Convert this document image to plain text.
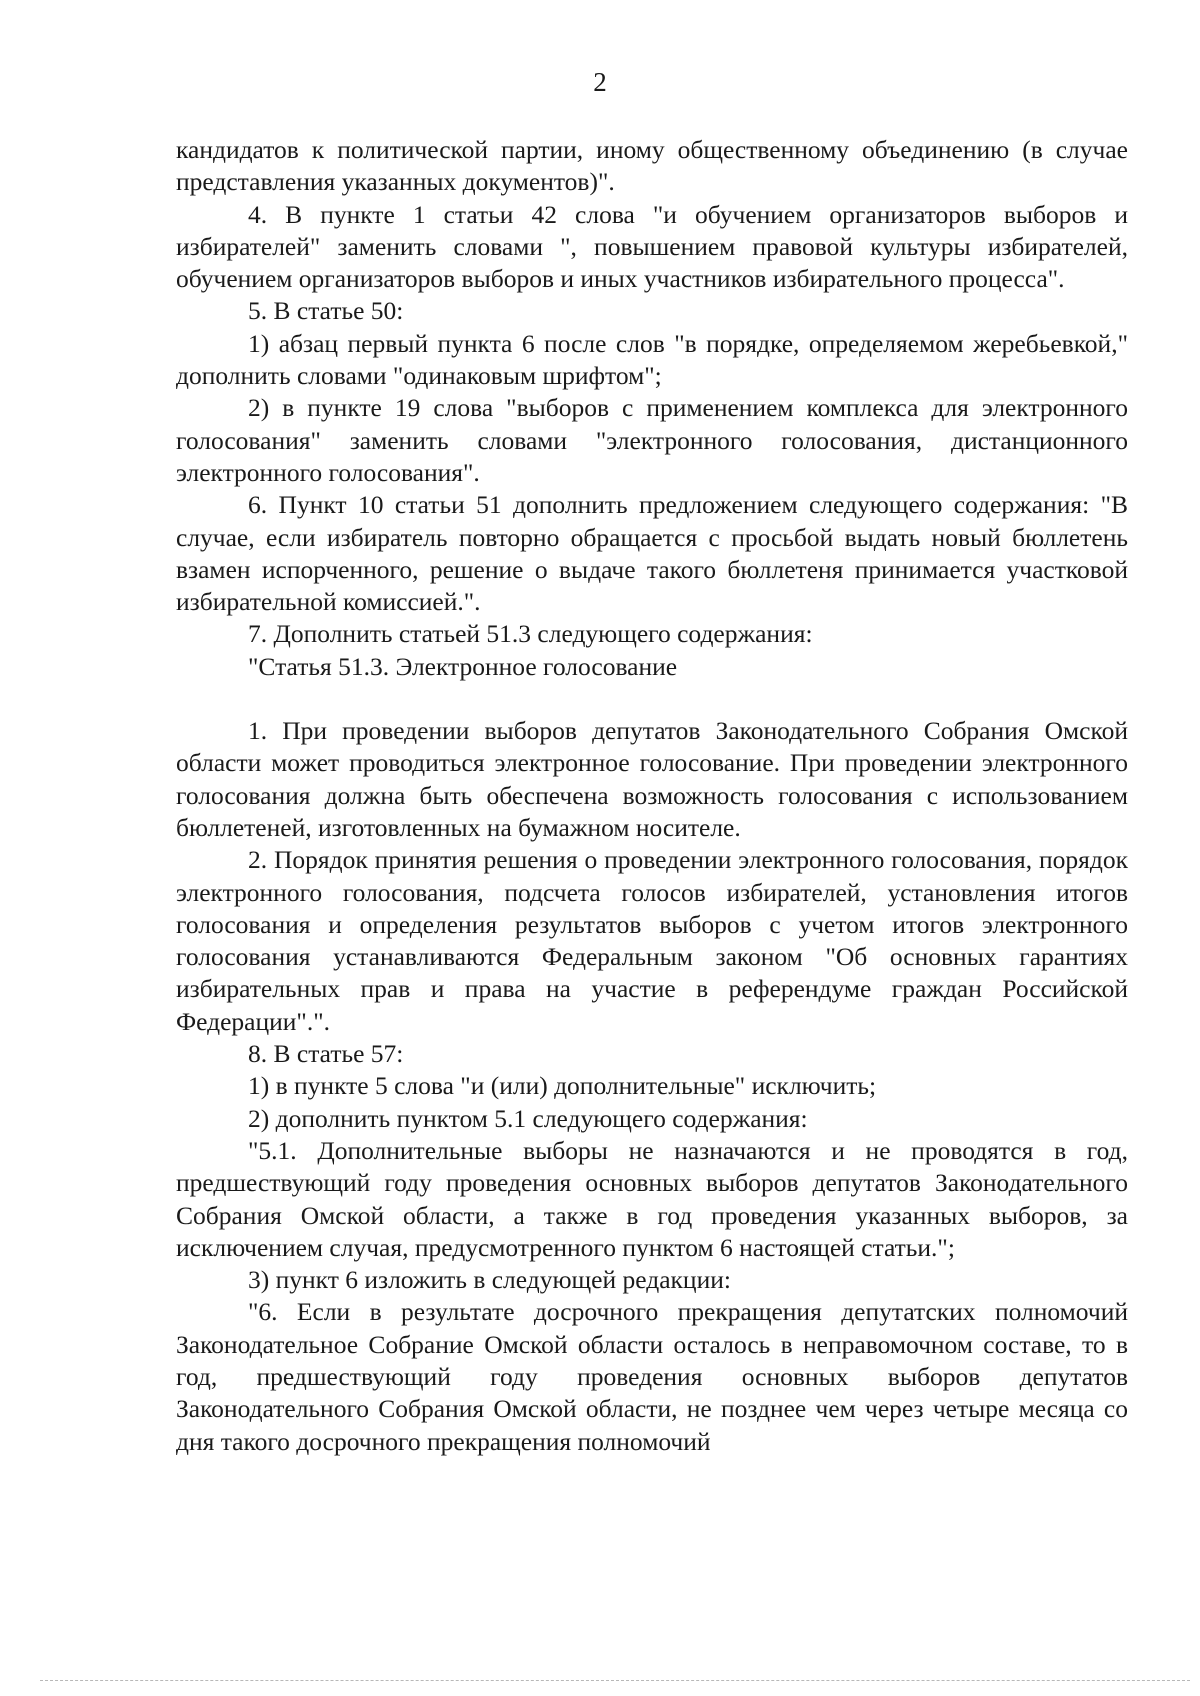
2

кандидатов к политической партии, иному общественному объединению (в случае представления указанных документов)".

4. В пункте 1 статьи 42 слова "и обучением организаторов выборов и избирателей" заменить словами ", повышением правовой культуры избирателей, обучением организаторов выборов и иных участников избирательного процесса".

5. В статье 50:

1) абзац первый пункта 6 после слов "в порядке, определяемом жеребьевкой," дополнить словами "одинаковым шрифтом";

2) в пункте 19 слова "выборов с применением комплекса для электронного голосования" заменить словами "электронного голосования, дистанционного электронного голосования".

6. Пункт 10 статьи 51 дополнить предложением следующего содержания: "В случае, если избиратель повторно обращается с просьбой выдать новый бюллетень взамен испорченного, решение о выдаче такого бюллетеня принимается участковой избирательной комиссией.".

7. Дополнить статьей 51.3 следующего содержания:

"Статья 51.3. Электронное голосование

1. При проведении выборов депутатов Законодательного Собрания Омской области может проводиться электронное голосование. При проведении электронного голосования должна быть обеспечена возможность голосования с использованием бюллетеней, изготовленных на бумажном носителе.

2. Порядок принятия решения о проведении электронного голосования, порядок электронного голосования, подсчета голосов избирателей, установления итогов голосования и определения результатов выборов с учетом итогов электронного голосования устанавливаются Федеральным законом "Об основных гарантиях избирательных прав и права на участие в референдуме граждан Российской Федерации".".

8. В статье 57:

1) в пункте 5 слова "и (или) дополнительные" исключить;

2) дополнить пунктом 5.1 следующего содержания:

"5.1. Дополнительные выборы не назначаются и не проводятся в год, предшествующий году проведения основных выборов депутатов Законодательного Собрания Омской области, а также в год проведения указанных выборов, за исключением случая, предусмотренного пунктом 6 настоящей статьи.";

3) пункт 6 изложить в следующей редакции:

"6. Если в результате досрочного прекращения депутатских полномочий Законодательное Собрание Омской области осталось в неправомочном составе, то в год, предшествующий году проведения основных выборов депутатов Законодательного Собрания Омской области, не позднее чем через четыре месяца со дня такого досрочного прекращения полномочий
